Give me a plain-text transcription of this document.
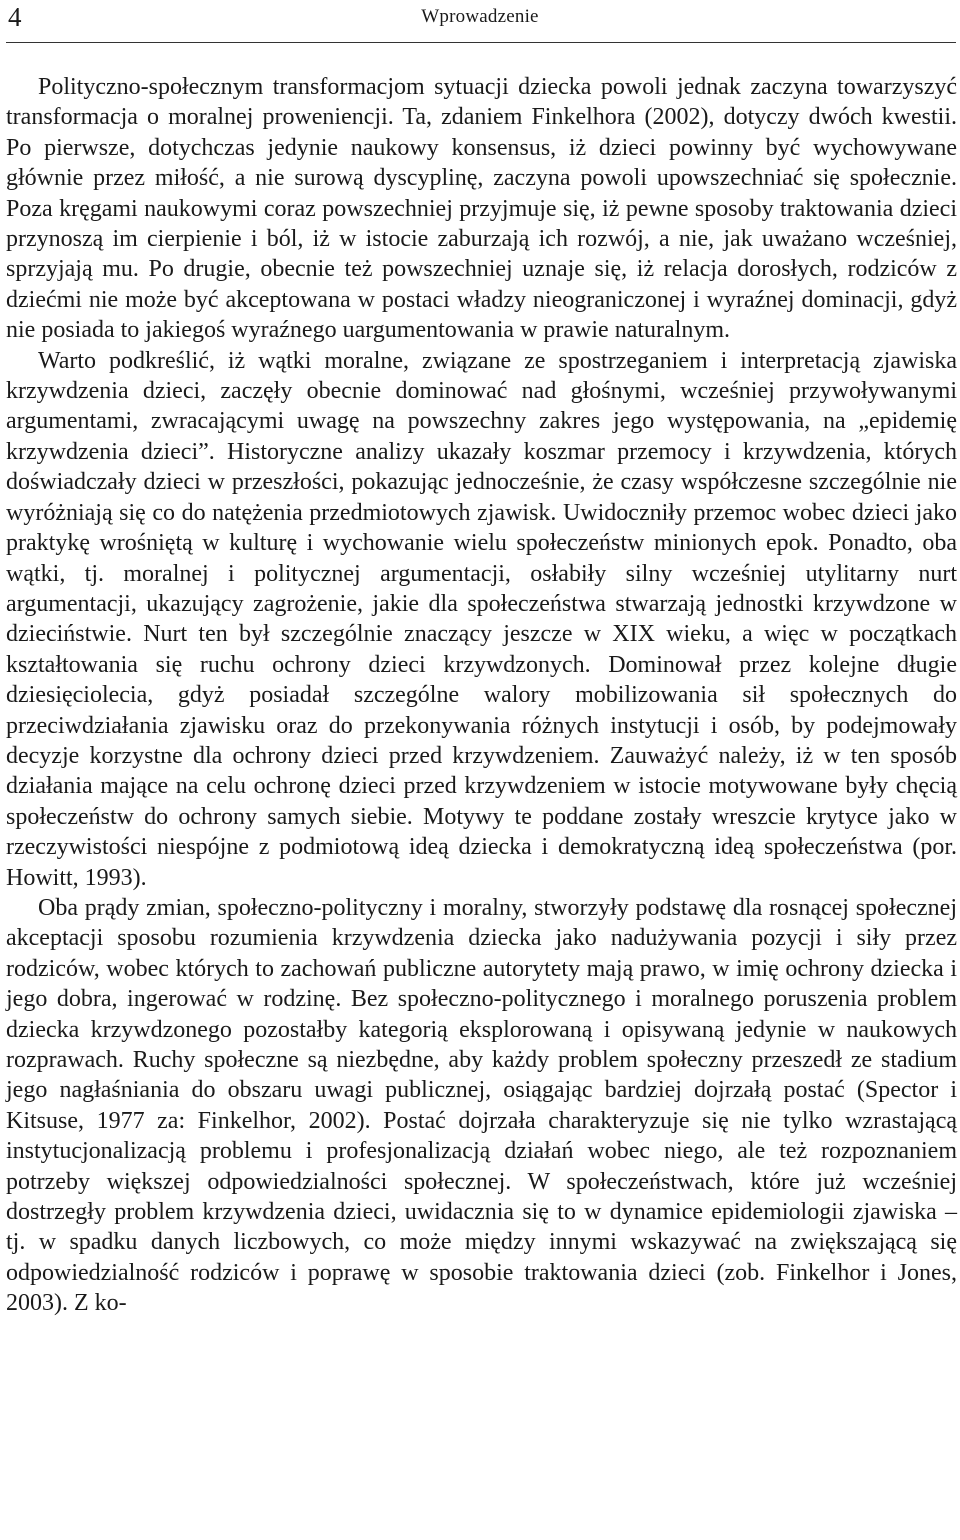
4	Wprowadzenie

Polityczno-społecznym transformacjom sytuacji dziecka powoli jednak zaczyna towarzyszyć transformacja o moralnej proweniencji. Ta, zdaniem Finkelhora (2002), dotyczy dwóch kwestii. Po pierwsze, dotychczas jedynie naukowy konsensus, iż dzieci powinny być wychowywane głównie przez miłość, a nie surową dyscyplinę, zaczyna powoli upowszechniać się społecznie. Poza kręgami naukowymi coraz powszechniej przyjmuje się, iż pewne sposoby traktowania dzieci przynoszą im cierpienie i ból, iż w istocie zaburzają ich rozwój, a nie, jak uważano wcześniej, sprzyjają mu. Po drugie, obecnie też powszechniej uznaje się, iż relacja dorosłych, rodziców z dziećmi nie może być akceptowana w postaci władzy nieograniczonej i wyraźnej dominacji, gdyż nie posiada to jakiegoś wyraźnego uargumentowania w prawie naturalnym.

Warto podkreślić, iż wątki moralne, związane ze spostrzeganiem i interpretacją zjawiska krzywdzenia dzieci, zaczęły obecnie dominować nad głośnymi, wcześniej przywoływanymi argumentami, zwracającymi uwagę na powszechny zakres jego występowania, na „epidemię krzywdzenia dzieci”. Historyczne analizy ukazały koszmar przemocy i krzywdzenia, których doświadczały dzieci w przeszłości, pokazując jednocześnie, że czasy współczesne szczególnie nie wyróżniają się co do natężenia przedmiotowych zjawisk. Uwidoczniły przemoc wobec dzieci jako praktykę wrośniętą w kulturę i wychowanie wielu społeczeństw minionych epok. Ponadto, oba wątki, tj. moralnej i politycznej argumentacji, osłabiły silny wcześniej utylitarny nurt argumentacji, ukazujący zagrożenie, jakie dla społeczeństwa stwarzają jednostki krzywdzone w dzieciństwie. Nurt ten był szczególnie znaczący jeszcze w XIX wieku, a więc w początkach kształtowania się ruchu ochrony dzieci krzywdzonych. Dominował przez kolejne długie dziesięciolecia, gdyż posiadał szczególne walory mobilizowania sił społecznych do przeciwdziałania zjawisku oraz do przekonywania różnych instytucji i osób, by podejmowały decyzje korzystne dla ochrony dzieci przed krzywdzeniem. Zauważyć należy, iż w ten sposób działania mające na celu ochronę dzieci przed krzywdzeniem w istocie motywowane były chęcią społeczeństw do ochrony samych siebie. Motywy te poddane zostały wreszcie krytyce jako w rzeczywistości niespójne z podmiotową ideą dziecka i demokratyczną ideą społeczeństwa (por. Howitt, 1993).

Oba prądy zmian, społeczno-polityczny i moralny, stworzyły podstawę dla rosnącej społecznej akceptacji sposobu rozumienia krzywdzenia dziecka jako nadużywania pozycji i siły przez rodziców, wobec których to zachowań publiczne autorytety mają prawo, w imię ochrony dziecka i jego dobra, ingerować w rodzinę. Bez społeczno-politycznego i moralnego poruszenia problem dziecka krzywdzonego pozostałby kategorią eksplorowaną i opisywaną jedynie w naukowych rozprawach. Ruchy społeczne są niezbędne, aby każdy problem społeczny przeszedł ze stadium jego nagłaśniania do obszaru uwagi publicznej, osiągając bardziej dojrzałą postać (Spector i Kitsuse, 1977 za: Finkelhor, 2002). Postać dojrzała charakteryzuje się nie tylko wzrastającą instytucjonalizacją problemu i profesjonalizacją działań wobec niego, ale też rozpoznaniem potrzeby większej odpowiedzialności społecznej. W społeczeństwach, które już wcześniej dostrzegły problem krzywdzenia dzieci, uwidacznia się to w dynamice epidemiologii zjawiska – tj. w spadku danych liczbowych, co może między innymi wskazywać na zwiększającą się odpowiedzialność rodziców i poprawę w sposobie traktowania dzieci (zob. Finkelhor i Jones, 2003). Z ko-
